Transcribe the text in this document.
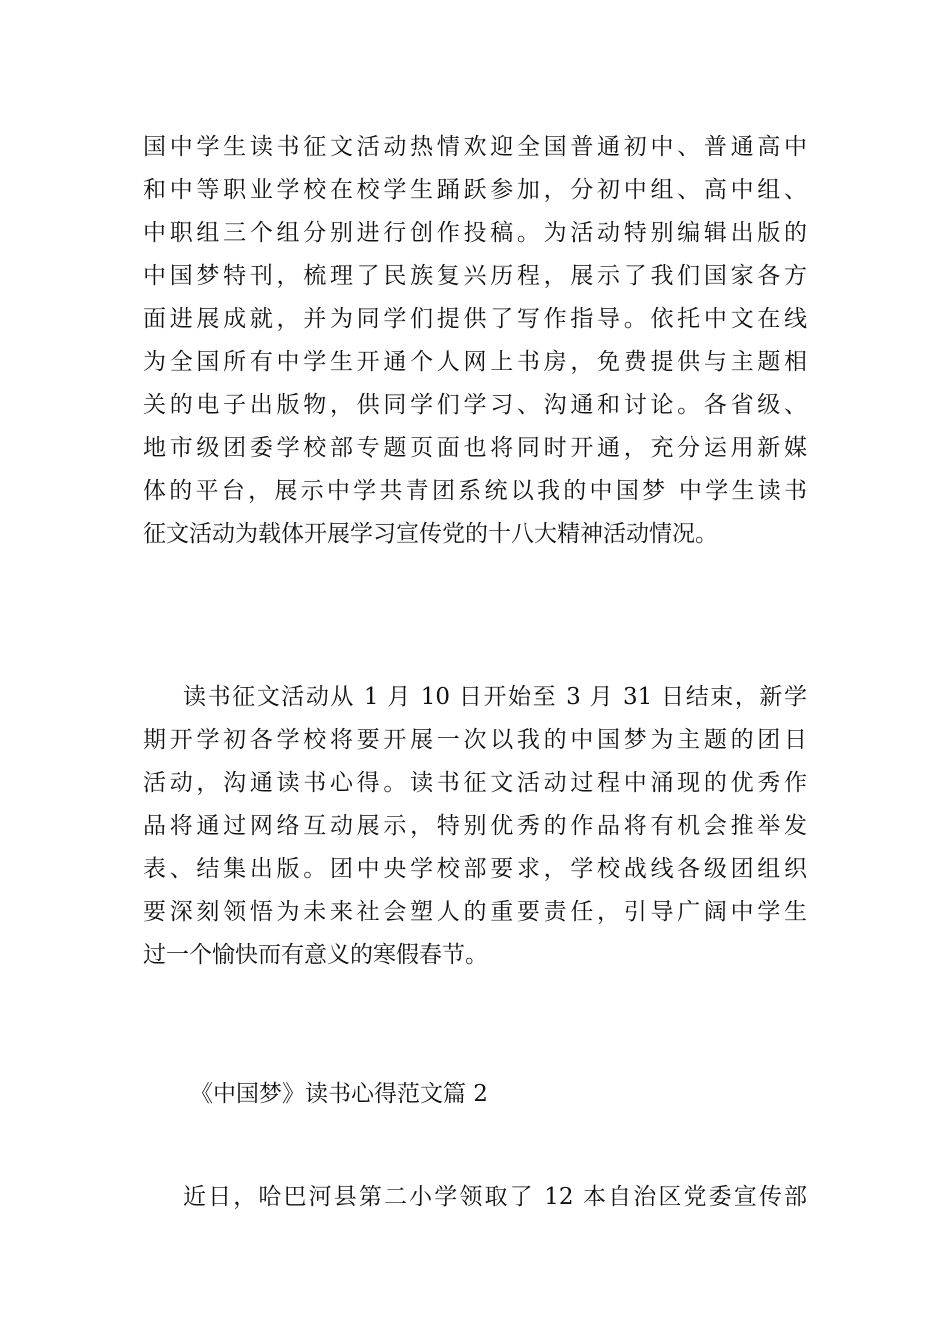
国中学生读书征文活动热情欢迎全国普通初中、普通高中
和中等职业学校在校学生踊跃参加，分初中组、高中组、
中职组三个组分别进行创作投稿。为活动特别编辑出版的
中国梦特刊，梳理了民族复兴历程，展示了我们国家各方
面进展成就，并为同学们提供了写作指导。依托中文在线
为全国所有中学生开通个人网上书房，免费提供与主题相
关的电子出版物，供同学们学习、沟通和讨论。各省级、
地市级团委学校部专题页面也将同时开通，充分运用新媒
体的平台，展示中学共青团系统以我的中国梦 中学生读书
征文活动为载体开展学习宣传党的十八大精神活动情况。
读书征文活动从 1 月 10 日开始至 3 月 31 日结束，新学
期开学初各学校将要开展一次以我的中国梦为主题的团日
活动，沟通读书心得。读书征文活动过程中涌现的优秀作
品将通过网络互动展示，特别优秀的作品将有机会推举发
表、结集出版。团中央学校部要求，学校战线各级团组织
要深刻领悟为未来社会塑人的重要责任，引导广阔中学生
过一个愉快而有意义的寒假春节。
《中国梦》读书心得范文篇 2
近日，哈巴河县第二小学领取了 12 本自治区党委宣传部
